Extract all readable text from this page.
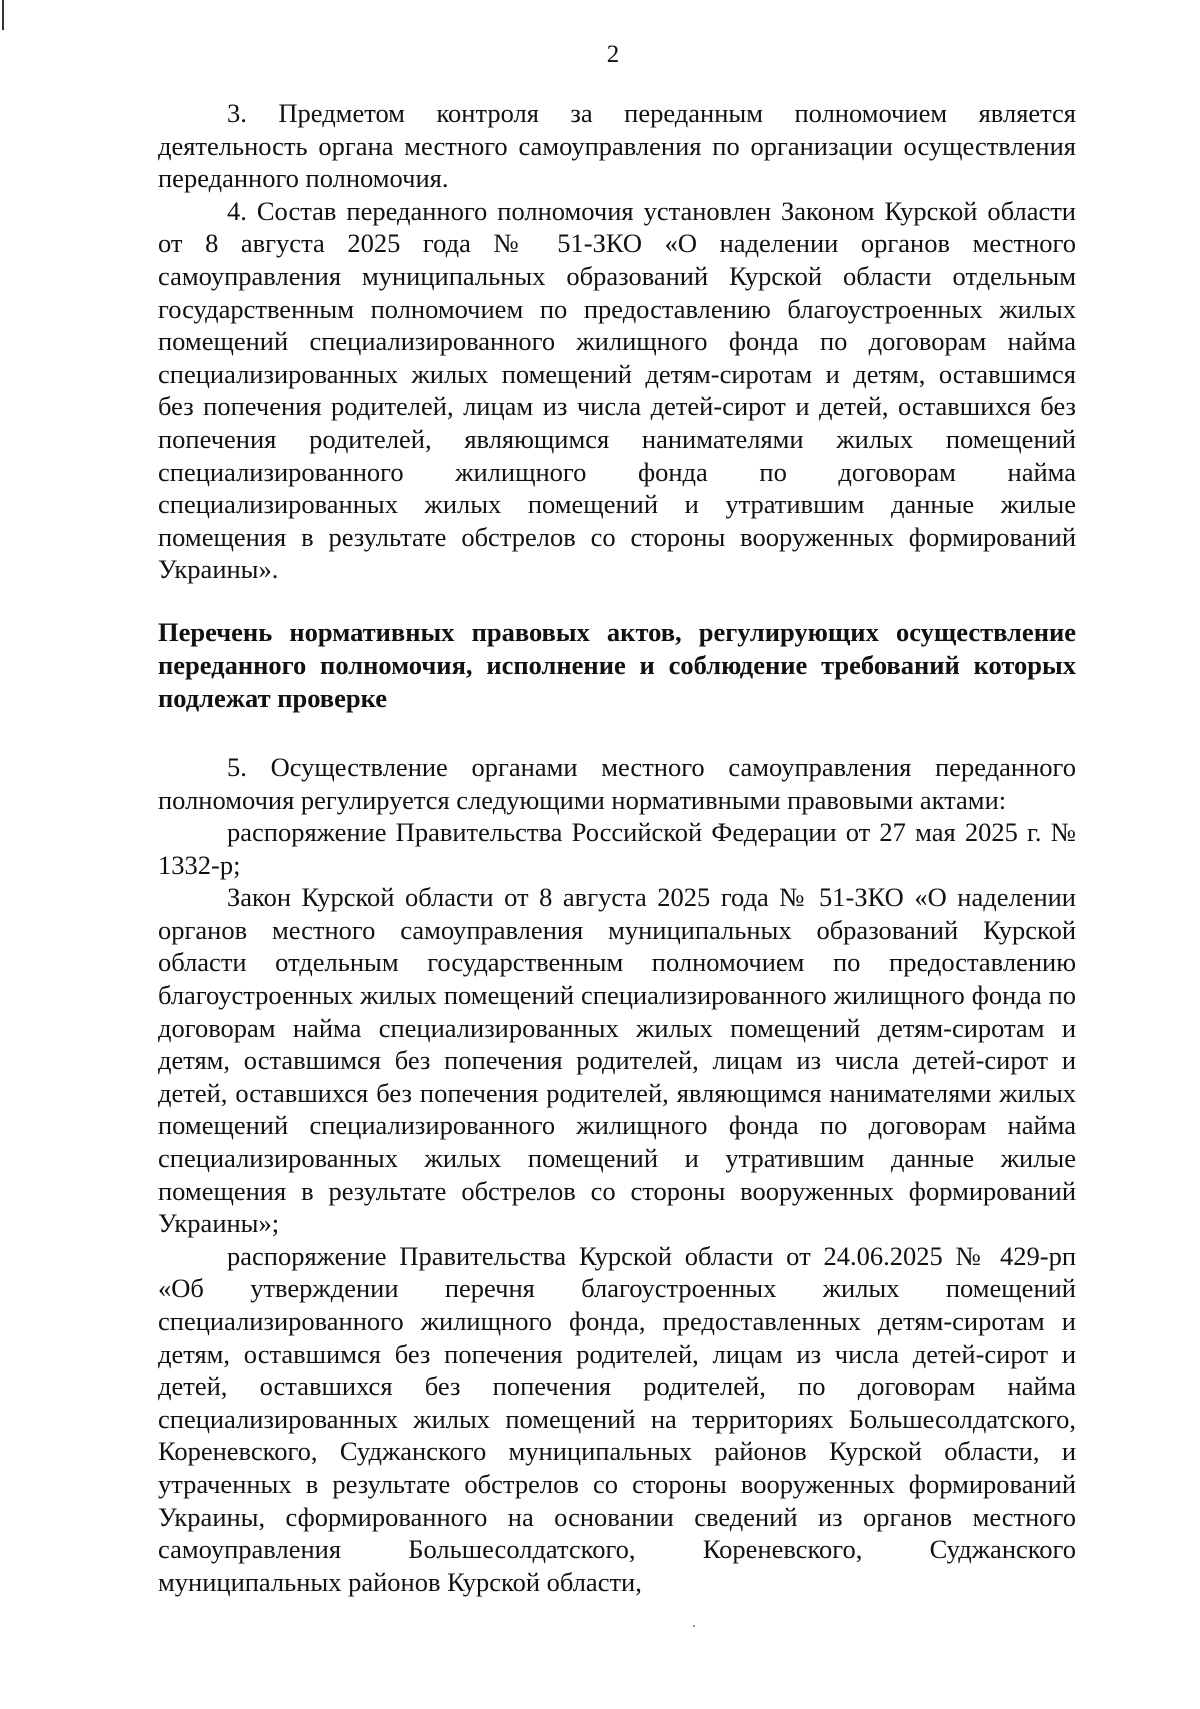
2

3. Предметом контроля за переданным полномочием является деятельность органа местного самоуправления по организации осуществления переданного полномочия.

4. Состав переданного полномочия установлен Законом Курской области от 8 августа 2025 года № 51-ЗКО «О наделении органов местного самоуправления муниципальных образований Курской области отдельным государственным полномочием по предоставлению благоустроенных жилых помещений специализированного жилищного фонда по договорам найма специализированных жилых помещений детям-сиротам и детям, оставшимся без попечения родителей, лицам из числа детей-сирот и детей, оставшихся без попечения родителей, являющимся нанимателями жилых помещений специализированного жилищного фонда по договорам найма специализированных жилых помещений и утратившим данные жилые помещения в результате обстрелов со стороны вооруженных формирований Украины».

Перечень нормативных правовых актов, регулирующих осуществление переданного полномочия, исполнение и соблюдение требований которых подлежат проверке

5. Осуществление органами местного самоуправления переданного полномочия регулируется следующими нормативными правовыми актами:

распоряжение Правительства Российской Федерации от 27 мая 2025 г. № 1332-р;

Закон Курской области от 8 августа 2025 года № 51-ЗКО «О наделении органов местного самоуправления муниципальных образований Курской области отдельным государственным полномочием по предоставлению благоустроенных жилых помещений специализированного жилищного фонда по договорам найма специализированных жилых помещений детям-сиротам и детям, оставшимся без попечения родителей, лицам из числа детей-сирот и детей, оставшихся без попечения родителей, являющимся нанимателями жилых помещений специализированного жилищного фонда по договорам найма специализированных жилых помещений и утратившим данные жилые помещения в результате обстрелов со стороны вооруженных формирований Украины»;

распоряжение Правительства Курской области от 24.06.2025 № 429-рп «Об утверждении перечня благоустроенных жилых помещений специализированного жилищного фонда, предоставленных детям-сиротам и детям, оставшимся без попечения родителей, лицам из числа детей-сирот и детей, оставшихся без попечения родителей, по договорам найма специализированных жилых помещений на территориях Большесолдатского, Кореневского, Суджанского муниципальных районов Курской области, и утраченных в результате обстрелов со стороны вооруженных формирований Украины, сформированного на основании сведений из органов местного самоуправления Большесолдатского, Кореневского, Суджанского муниципальных районов Курской области,
